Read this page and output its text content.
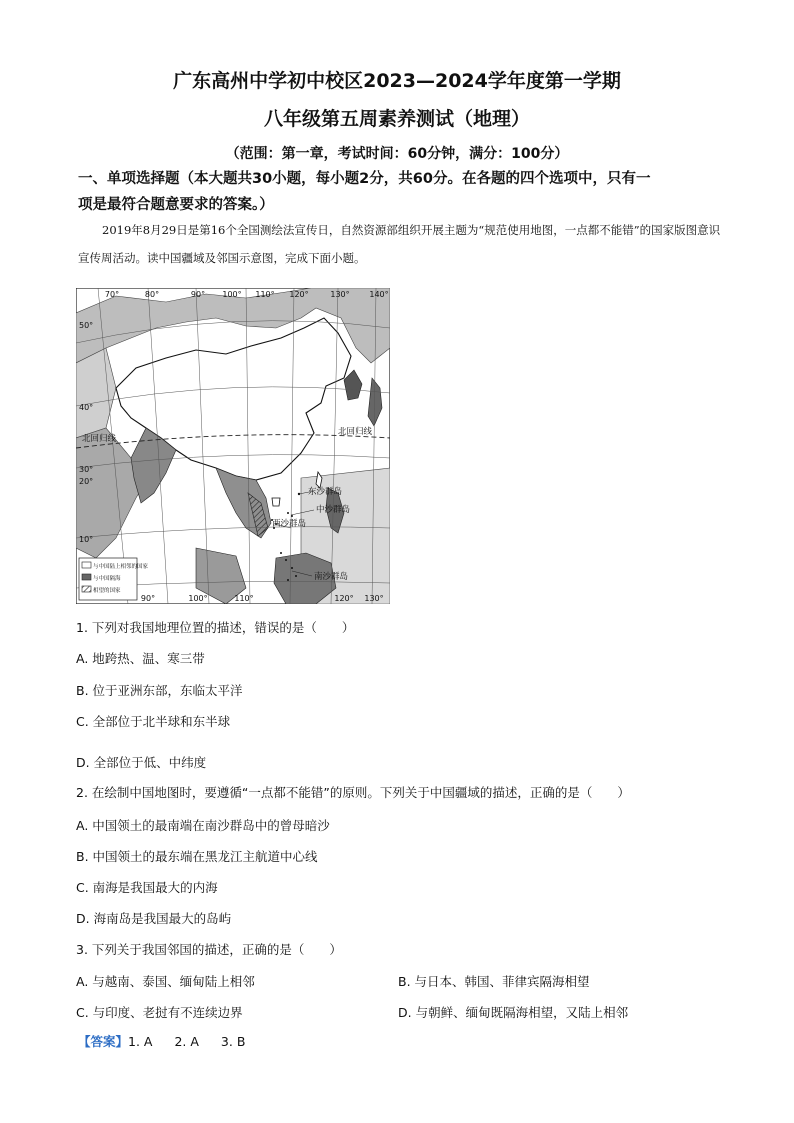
广东高州中学初中校区2023—2024学年度第一学期
八年级第五周素养测试（地理）
（范围：第一章，考试时间：60分钟，满分：100分）
一、单项选择题（本大题共30小题，每小题2分，共60分。在各题的四个选项中，只有一
项是最符合题意要求的答案。）
2019年8月29日是第16个全国测绘法宣传日，自然资源部组织开展主题为“规范使用地图，一点都不能错”的国家版图意识宣传周活动。读中国疆域及邻国示意图，完成下面小题。
70°	80°	90° 100° 110° 120°	130° 140°
90°	100°	110°	120° 130°
50°
40°
30°
20°
10°
北回归线
北回归线
东沙群岛
中沙群岛
西沙群岛
南沙群岛
与中国陆上相邻的国家
与中国隔海
相望的国家
1. 下列对我国地理位置的描述，错误的是（　　）
A. 地跨热、温、寒三带
B. 位于亚洲东部，东临太平洋
C. 全部位于北半球和东半球
D. 全部位于低、中纬度
2. 在绘制中国地图时，要遵循“一点都不能错”的原则。下列关于中国疆域的描述，正确的是（　　）
A. 中国领土的最南端在南沙群岛中的曾母暗沙
B. 中国领土的最东端在黑龙江主航道中心线
C. 南海是我国最大的内海
D. 海南岛是我国最大的岛屿
3. 下列关于我国邻国的描述，正确的是（　　）
A. 与越南、泰国、缅甸陆上相邻	B. 与日本、韩国、菲律宾隔海相望
C. 与印度、老挝有不连续边界	D. 与朝鲜、缅甸既隔海相望，又陆上相邻
【答案】1. A 2. A 3. B
